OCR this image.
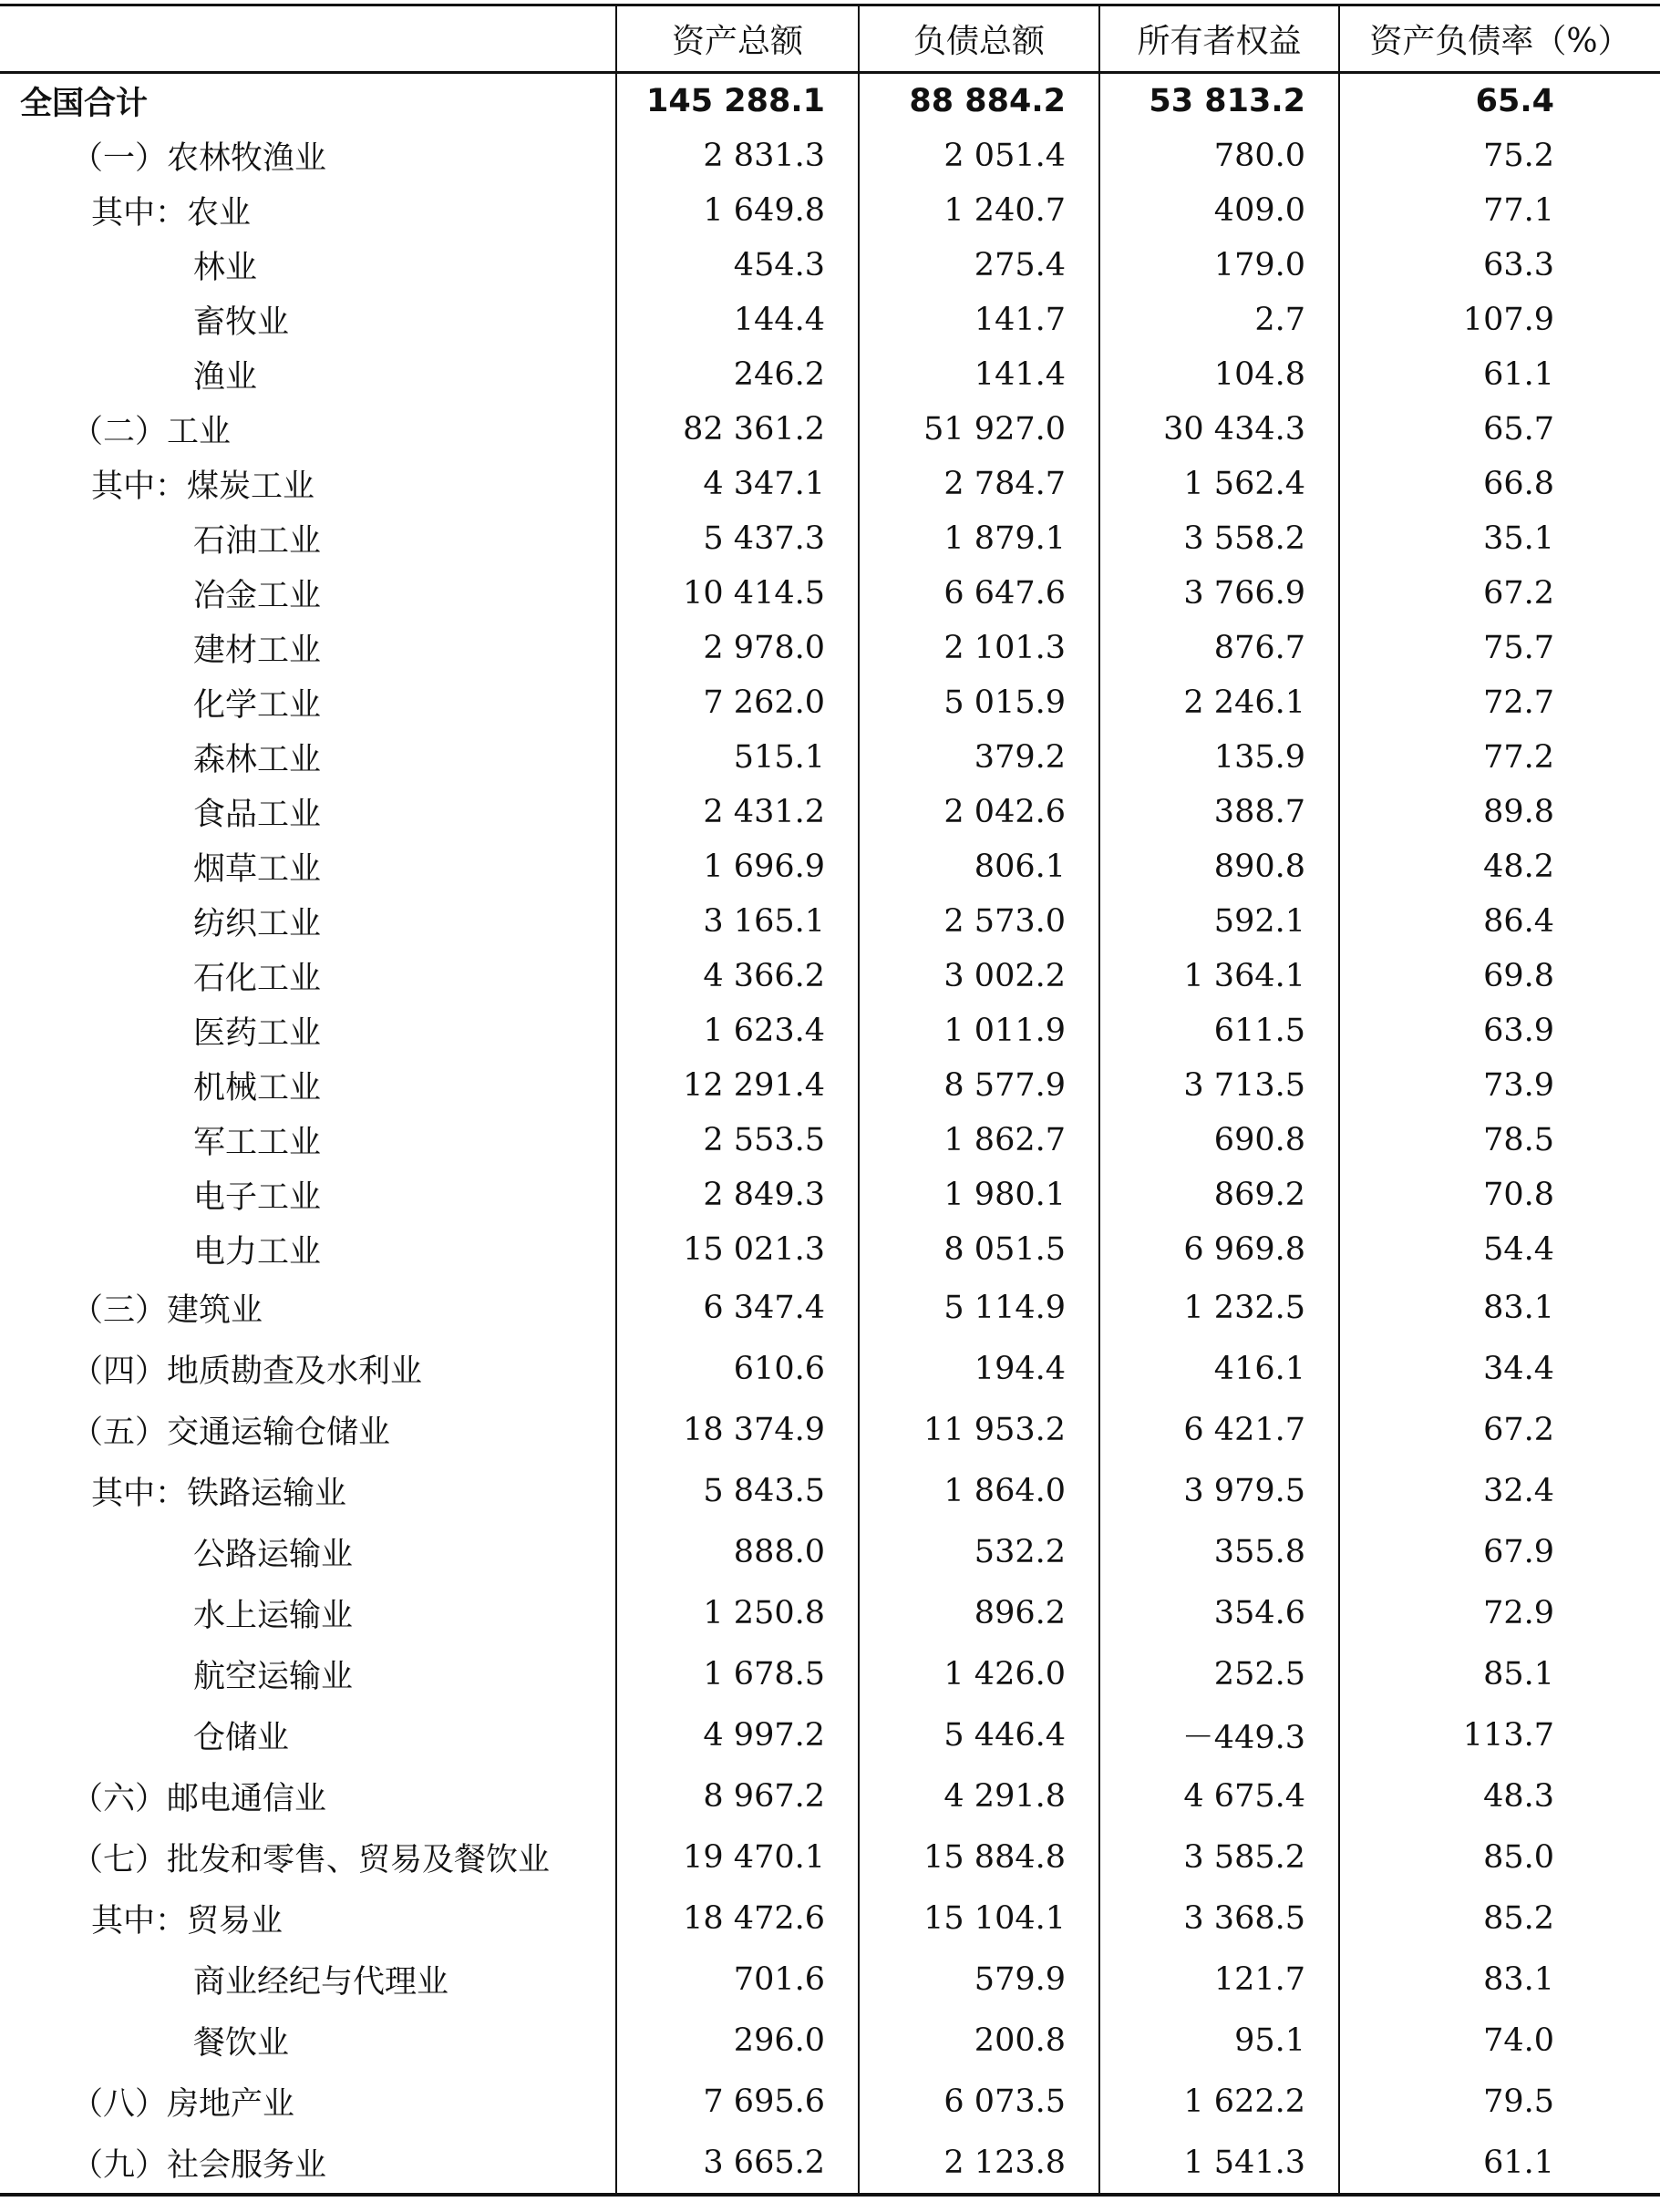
	资产总额	负债总额	所有者权益	资产负债率（%）
全国合计	145 288.1	88 884.2	53 813.2	65.4
（一）农林牧渔业	2 831.3	2 051.4	780.0	75.2
其中：农业	1 649.8	1 240.7	409.0	77.1
林业	454.3	275.4	179.0	63.3
畜牧业	144.4	141.7	2.7	107.9
渔业	246.2	141.4	104.8	61.1
（二）工业	82 361.2	51 927.0	30 434.3	65.7
其中：煤炭工业	4 347.1	2 784.7	1 562.4	66.8
石油工业	5 437.3	1 879.1	3 558.2	35.1
冶金工业	10 414.5	6 647.6	3 766.9	67.2
建材工业	2 978.0	2 101.3	876.7	75.7
化学工业	7 262.0	5 015.9	2 246.1	72.7
森林工业	515.1	379.2	135.9	77.2
食品工业	2 431.2	2 042.6	388.7	89.8
烟草工业	1 696.9	806.1	890.8	48.2
纺织工业	3 165.1	2 573.0	592.1	86.4
石化工业	4 366.2	3 002.2	1 364.1	69.8
医药工业	1 623.4	1 011.9	611.5	63.9
机械工业	12 291.4	8 577.9	3 713.5	73.9
军工工业	2 553.5	1 862.7	690.8	78.5
电子工业	2 849.3	1 980.1	869.2	70.8
电力工业	15 021.3	8 051.5	6 969.8	54.4
（三）建筑业	6 347.4	5 114.9	1 232.5	83.1
（四）地质勘查及水利业	610.6	194.4	416.1	34.4
（五）交通运输仓储业	18 374.9	11 953.2	6 421.7	67.2
其中：铁路运输业	5 843.5	1 864.0	3 979.5	32.4
公路运输业	888.0	532.2	355.8	67.9
水上运输业	1 250.8	896.2	354.6	72.9
航空运输业	1 678.5	1 426.0	252.5	85.1
仓储业	4 997.2	5 446.4	－449.3	113.7
（六）邮电通信业	8 967.2	4 291.8	4 675.4	48.3
（七）批发和零售、贸易及餐饮业	19 470.1	15 884.8	3 585.2	85.0
其中：贸易业	18 472.6	15 104.1	3 368.5	85.2
商业经纪与代理业	701.6	579.9	121.7	83.1
餐饮业	296.0	200.8	95.1	74.0
（八）房地产业	7 695.6	6 073.5	1 622.2	79.5
（九）社会服务业	3 665.2	2 123.8	1 541.3	61.1
